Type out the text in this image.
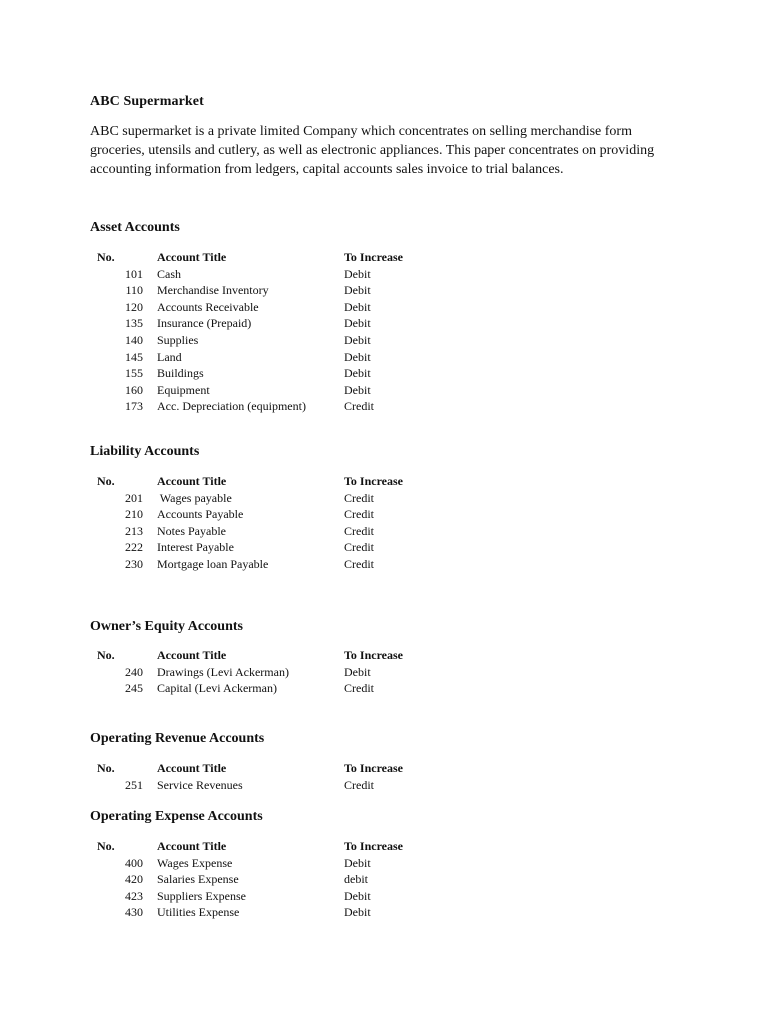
ABC Supermarket

ABC supermarket is a private limited Company which concentrates on selling merchandise form groceries, utensils and cutlery, as well as electronic appliances. This paper concentrates on providing accounting information from ledgers, capital accounts sales invoice to trial balances.

Asset Accounts
No.	Account Title	To Increase
101	Cash	Debit
110	Merchandise Inventory	Debit
120	Accounts Receivable	Debit
135	Insurance (Prepaid)	Debit
140	Supplies	Debit
145	Land	Debit
155	Buildings	Debit
160	Equipment	Debit
173	Acc. Depreciation (equipment)	Credit
Liability Accounts
No.	Account Title	To Increase
201	Wages payable	Credit
210	Accounts Payable	Credit
213	Notes Payable	Credit
222	Interest Payable	Credit
230	Mortgage loan Payable	Credit
Owner’s Equity Accounts
No.	Account Title	To Increase
240	Drawings (Levi Ackerman)	Debit
245	Capital (Levi Ackerman)	Credit
Operating Revenue Accounts
No.	Account Title	To Increase
251	Service Revenues	Credit
Operating Expense Accounts
No.	Account Title	To Increase
400	Wages Expense	Debit
420	Salaries Expense	debit
423	Suppliers Expense	Debit
430	Utilities Expense	Debit
